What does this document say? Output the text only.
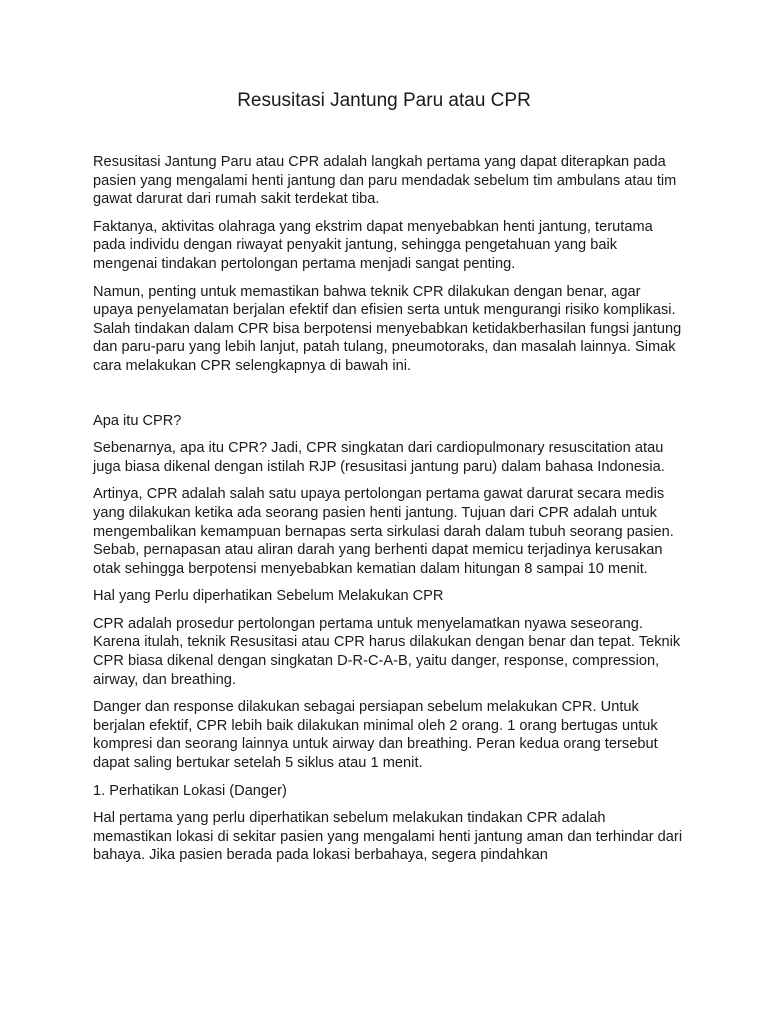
Resusitasi Jantung Paru atau CPR

Resusitasi Jantung Paru atau CPR adalah langkah pertama yang dapat diterapkan pada pasien yang mengalami henti jantung dan paru mendadak sebelum tim ambulans atau tim gawat darurat dari rumah sakit terdekat tiba.

Faktanya, aktivitas olahraga yang ekstrim dapat menyebabkan henti jantung, terutama pada individu dengan riwayat penyakit jantung, sehingga pengetahuan yang baik mengenai tindakan pertolongan pertama menjadi sangat penting.

Namun, penting untuk memastikan bahwa teknik CPR dilakukan dengan benar, agar upaya penyelamatan berjalan efektif dan efisien serta untuk mengurangi risiko komplikasi. Salah tindakan dalam CPR bisa berpotensi menyebabkan ketidakberhasilan fungsi jantung dan paru-paru yang lebih lanjut, patah tulang, pneumotoraks, dan masalah lainnya. Simak cara melakukan CPR selengkapnya di bawah ini.

Apa itu CPR?

Sebenarnya, apa itu CPR? Jadi, CPR singkatan dari cardiopulmonary resuscitation atau juga biasa dikenal dengan istilah RJP (resusitasi jantung paru) dalam bahasa Indonesia.

Artinya, CPR adalah salah satu upaya pertolongan pertama gawat darurat secara medis yang dilakukan ketika ada seorang pasien henti jantung. Tujuan dari CPR adalah untuk mengembalikan kemampuan bernapas serta sirkulasi darah dalam tubuh seorang pasien. Sebab, pernapasan atau aliran darah yang berhenti dapat memicu terjadinya kerusakan otak sehingga berpotensi menyebabkan kematian dalam hitungan 8 sampai 10 menit.

Hal yang Perlu diperhatikan Sebelum Melakukan CPR

CPR adalah prosedur pertolongan pertama untuk menyelamatkan nyawa seseorang. Karena itulah, teknik Resusitasi atau CPR harus dilakukan dengan benar dan tepat. Teknik CPR biasa dikenal dengan singkatan D-R-C-A-B, yaitu danger, response, compression, airway, dan breathing.

Danger dan response dilakukan sebagai persiapan sebelum melakukan CPR. Untuk berjalan efektif, CPR lebih baik dilakukan minimal oleh 2 orang. 1 orang bertugas untuk kompresi dan seorang lainnya untuk airway dan breathing. Peran kedua orang tersebut dapat saling bertukar setelah 5 siklus atau 1 menit.

1. Perhatikan Lokasi (Danger)

Hal pertama yang perlu diperhatikan sebelum melakukan tindakan CPR adalah memastikan lokasi di sekitar pasien yang mengalami henti jantung aman dan terhindar dari bahaya. Jika pasien berada pada lokasi berbahaya, segera pindahkan
